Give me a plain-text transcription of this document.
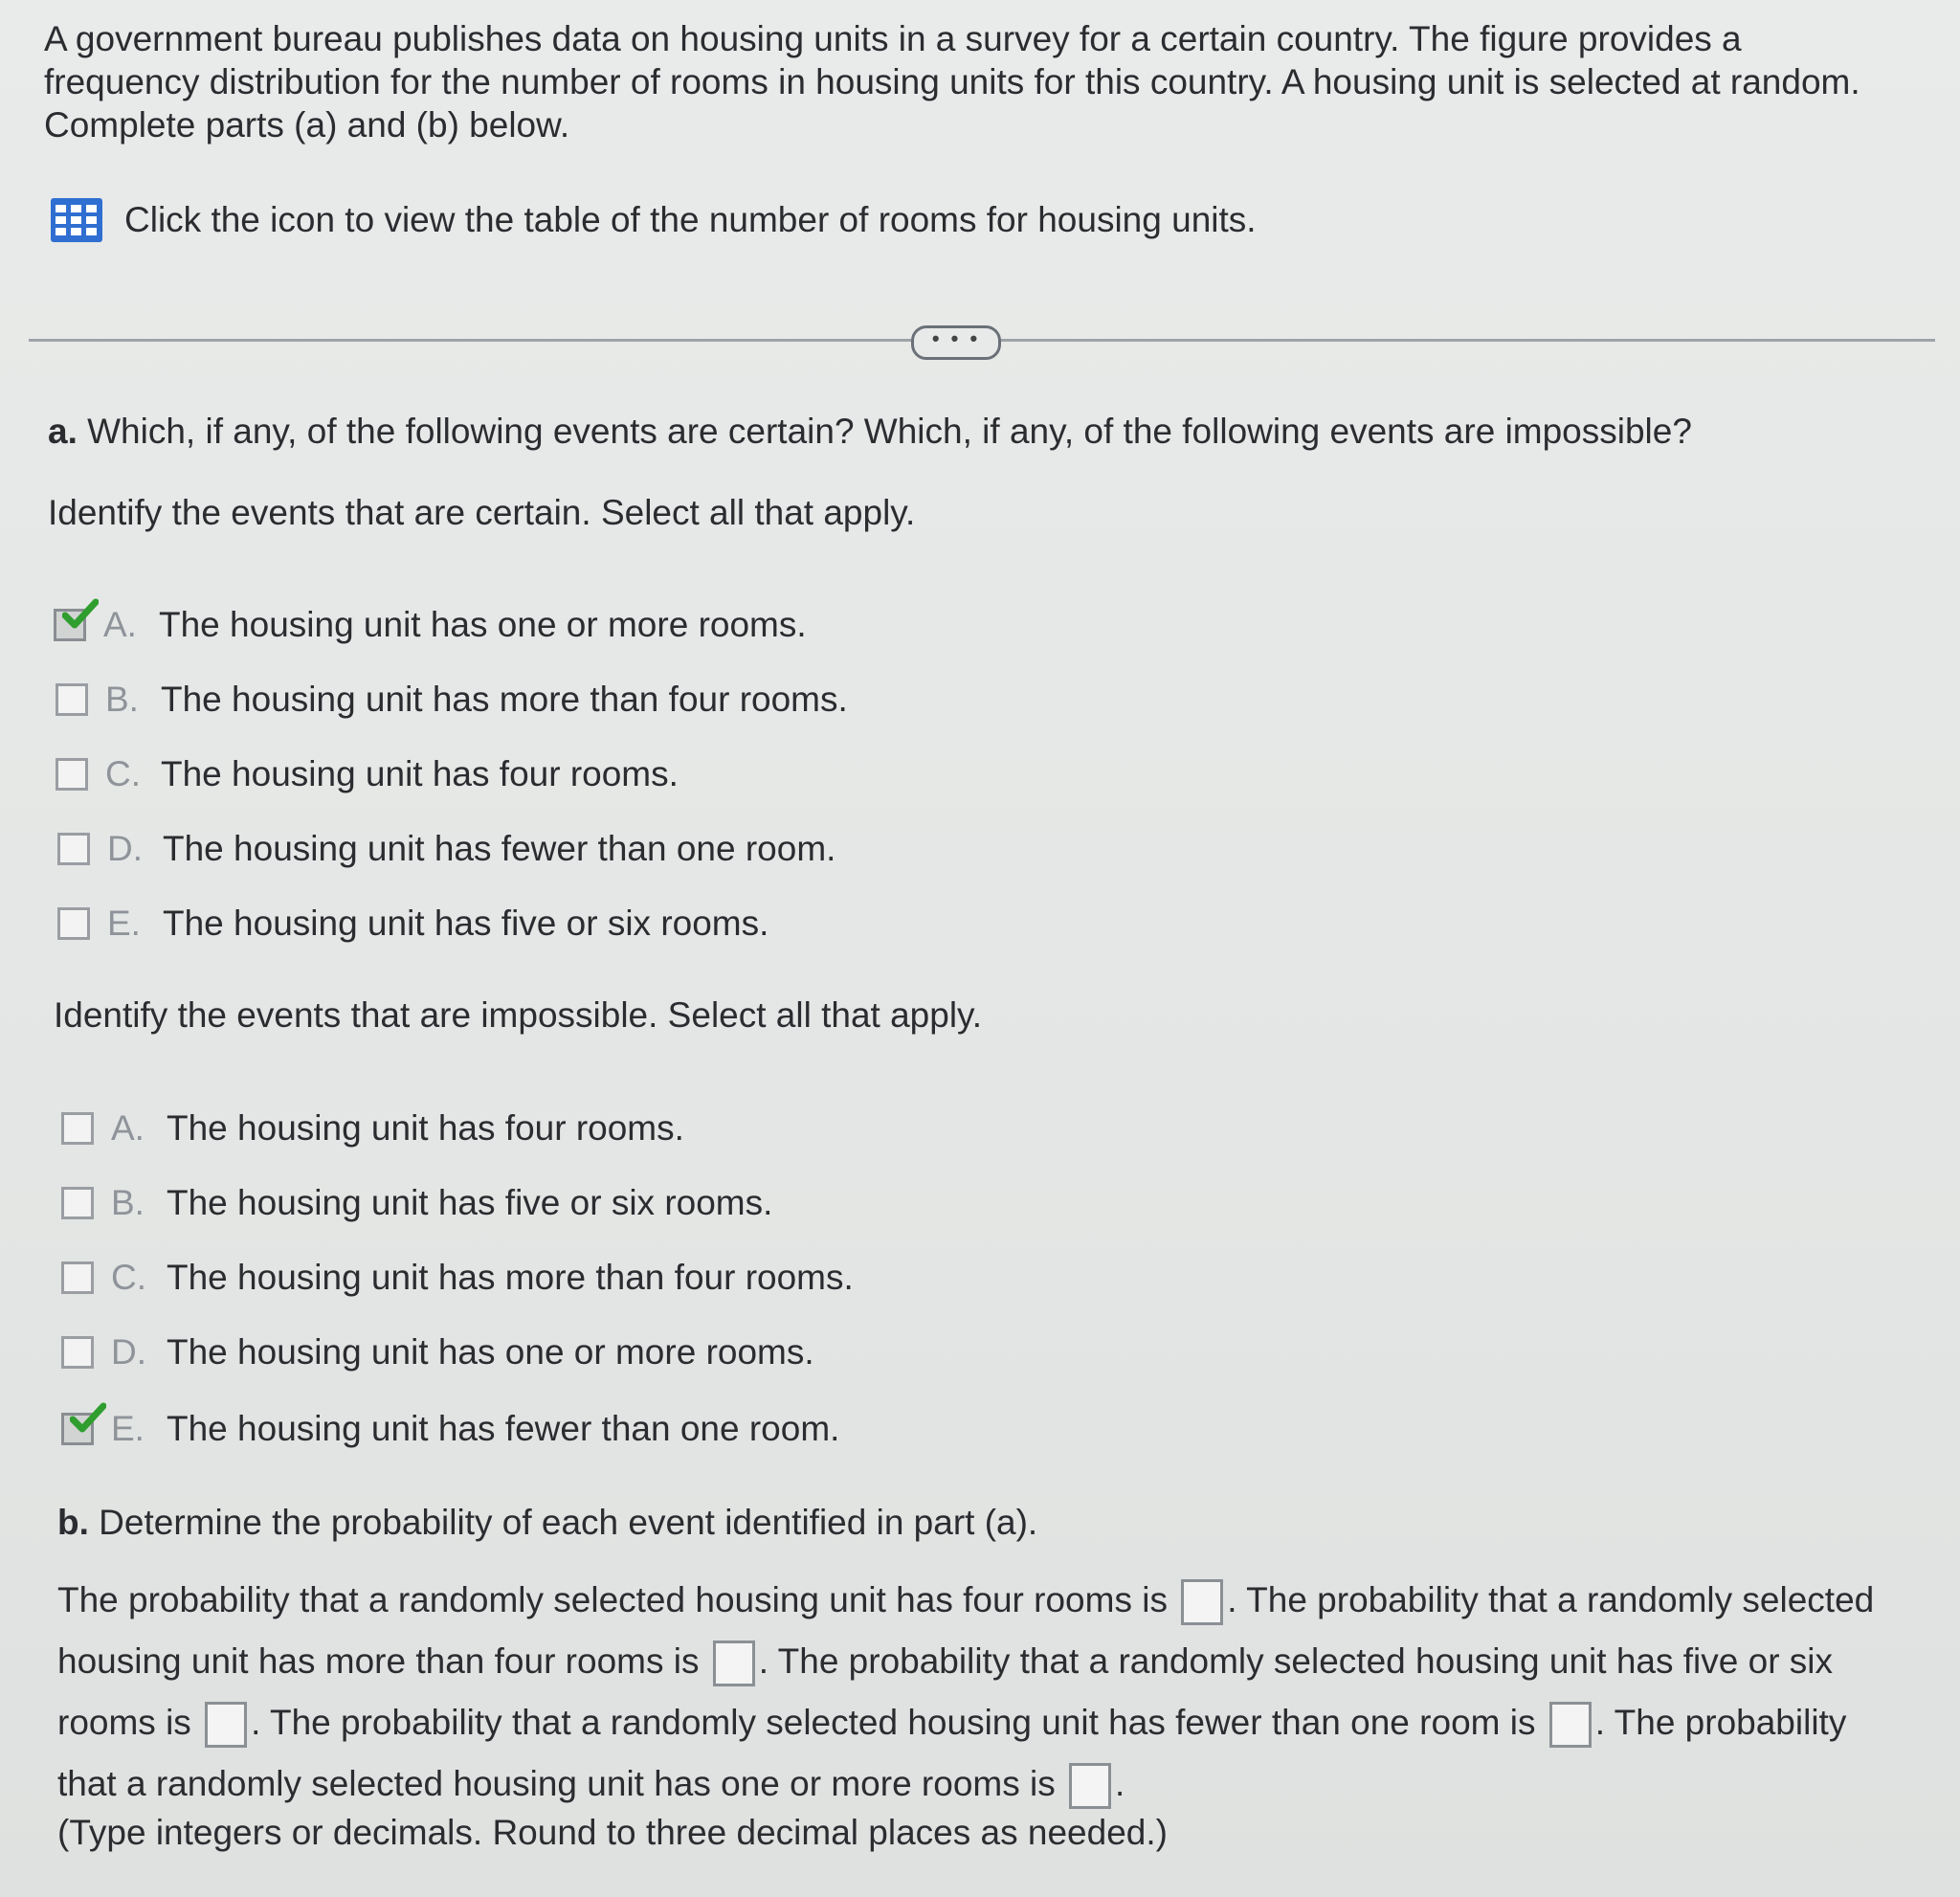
A government bureau publishes data on housing units in a survey for a certain country. The figure provides a

frequency distribution for the number of rooms in housing units for this country. A housing unit is selected at random.

Complete parts (a) and (b) below.

Click the icon to view the table of the number of rooms for housing units.
• • •
a. Which, if any, of the following events are certain? Which, if any, of the following events are impossible?
Identify the events that are certain. Select all that apply.
A. The housing unit has one or more rooms.
B. The housing unit has more than four rooms.
C. The housing unit has four rooms.
D. The housing unit has fewer than one room.
E. The housing unit has five or six rooms.
Identify the events that are impossible. Select all that apply.
A. The housing unit has four rooms.
B. The housing unit has five or six rooms.
C. The housing unit has more than four rooms.
D. The housing unit has one or more rooms.
E. The housing unit has fewer than one room.
b. Determine the probability of each event identified in part (a).
The probability that a randomly selected housing unit has four rooms is . The probability that a randomly selected housing unit has more than four rooms is . The probability that a randomly selected housing unit has five or six rooms is . The probability that a randomly selected housing unit has fewer than one room is . The probability that a randomly selected housing unit has one or more rooms is .
(Type integers or decimals. Round to three decimal places as needed.)
